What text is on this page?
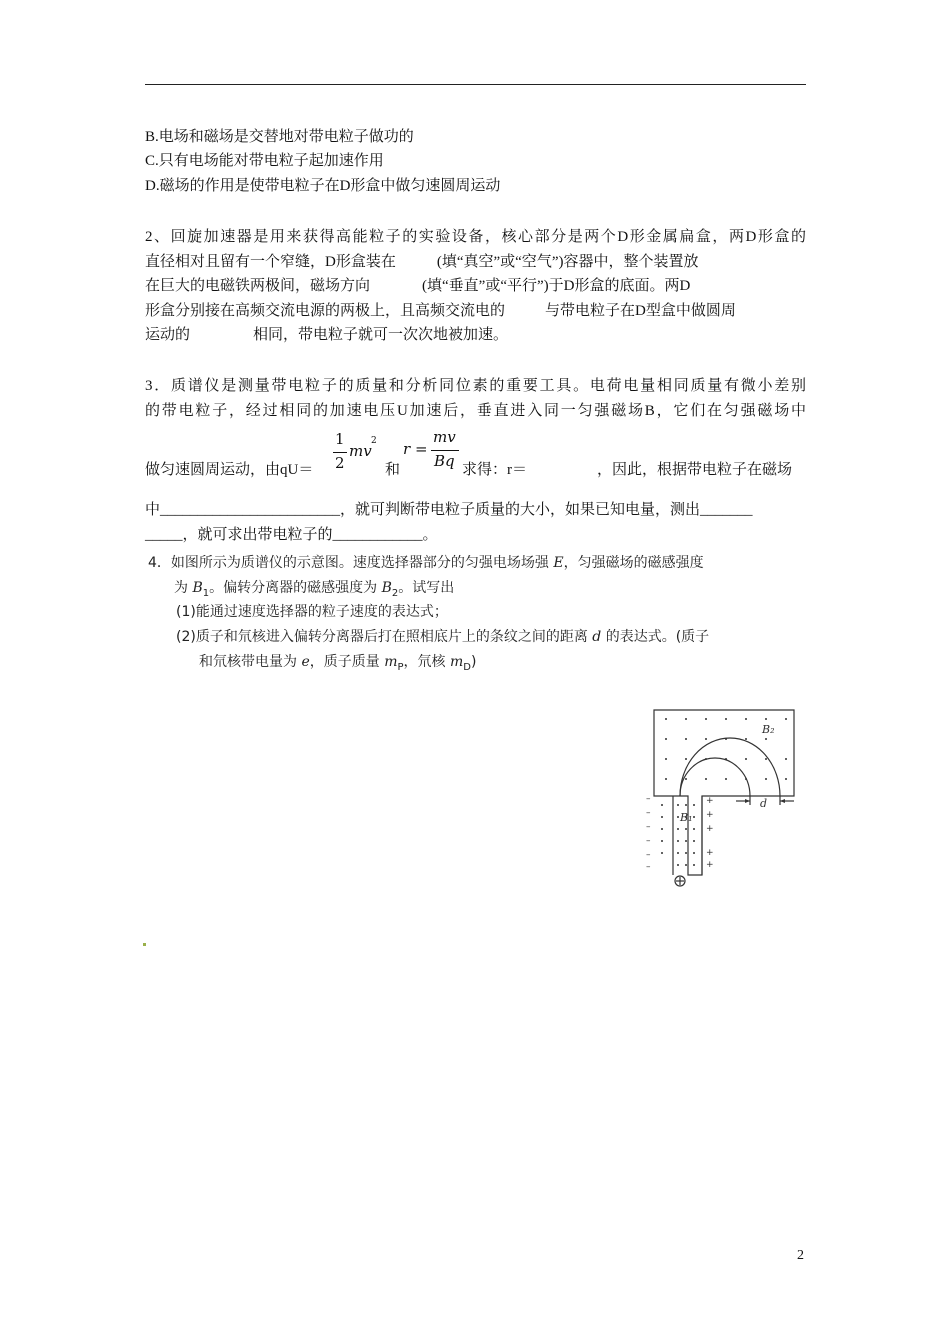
B.电场和磁场是交替地对带电粒子做功的
C.只有电场能对带电粒子起加速作用
D.磁场的作用是使带电粒子在D形盒中做匀速圆周运动
2、回旋加速器是用来获得高能粒子的实验设备，核心部分是两个D形金属扁盒，两D形盒的
直径相对且留有一个窄缝，D形盒装在	(填“真空”或“空气”)容器中，整个装置放
在巨大的电磁铁两极间，磁场方向	(填“垂直”或“平行”)于D形盒的底面。两D
形盒分别接在高频交流电源的两极上，且高频交流电的	与带电粒子在D型盒中做圆周
运动的	相同，带电粒子就可一次次地被加速。
3．质谱仪是测量带电粒子的质量和分析同位素的重要工具。电荷电量相同质量有微小差别
的带电粒子，经过相同的加速电压U加速后，垂直进入同一匀强磁场B，它们在匀强磁场中
做匀速圆周运动，由qU＝
1
2
mv
2
和
r =
mv
Bq 求得：r＝	，因此，根据带电粒子在磁场
中________________________，就可判断带电粒子质量的大小，如果已知电量，测出_______
_____，就可求出带电粒子的____________。
4．如图所示为质谱仪的示意图。速度选择器部分的匀强电场场强 E，匀强磁场的磁感强度
为 $B_1$。偏转分离器的磁感强度为 $B_2$。试写出
(1)能通过速度选择器的粒子速度的表达式；
(2)质子和氘核进入偏转分离器后打在照相底片上的条纹之间的距离 d 的表达式。(质子
和氘核带电量为 e，质子质量 $m_P$，氘核 $m_D$)
–
–
–
–
–
–
+
+
+
+
+
B₂
B₁
d
2
